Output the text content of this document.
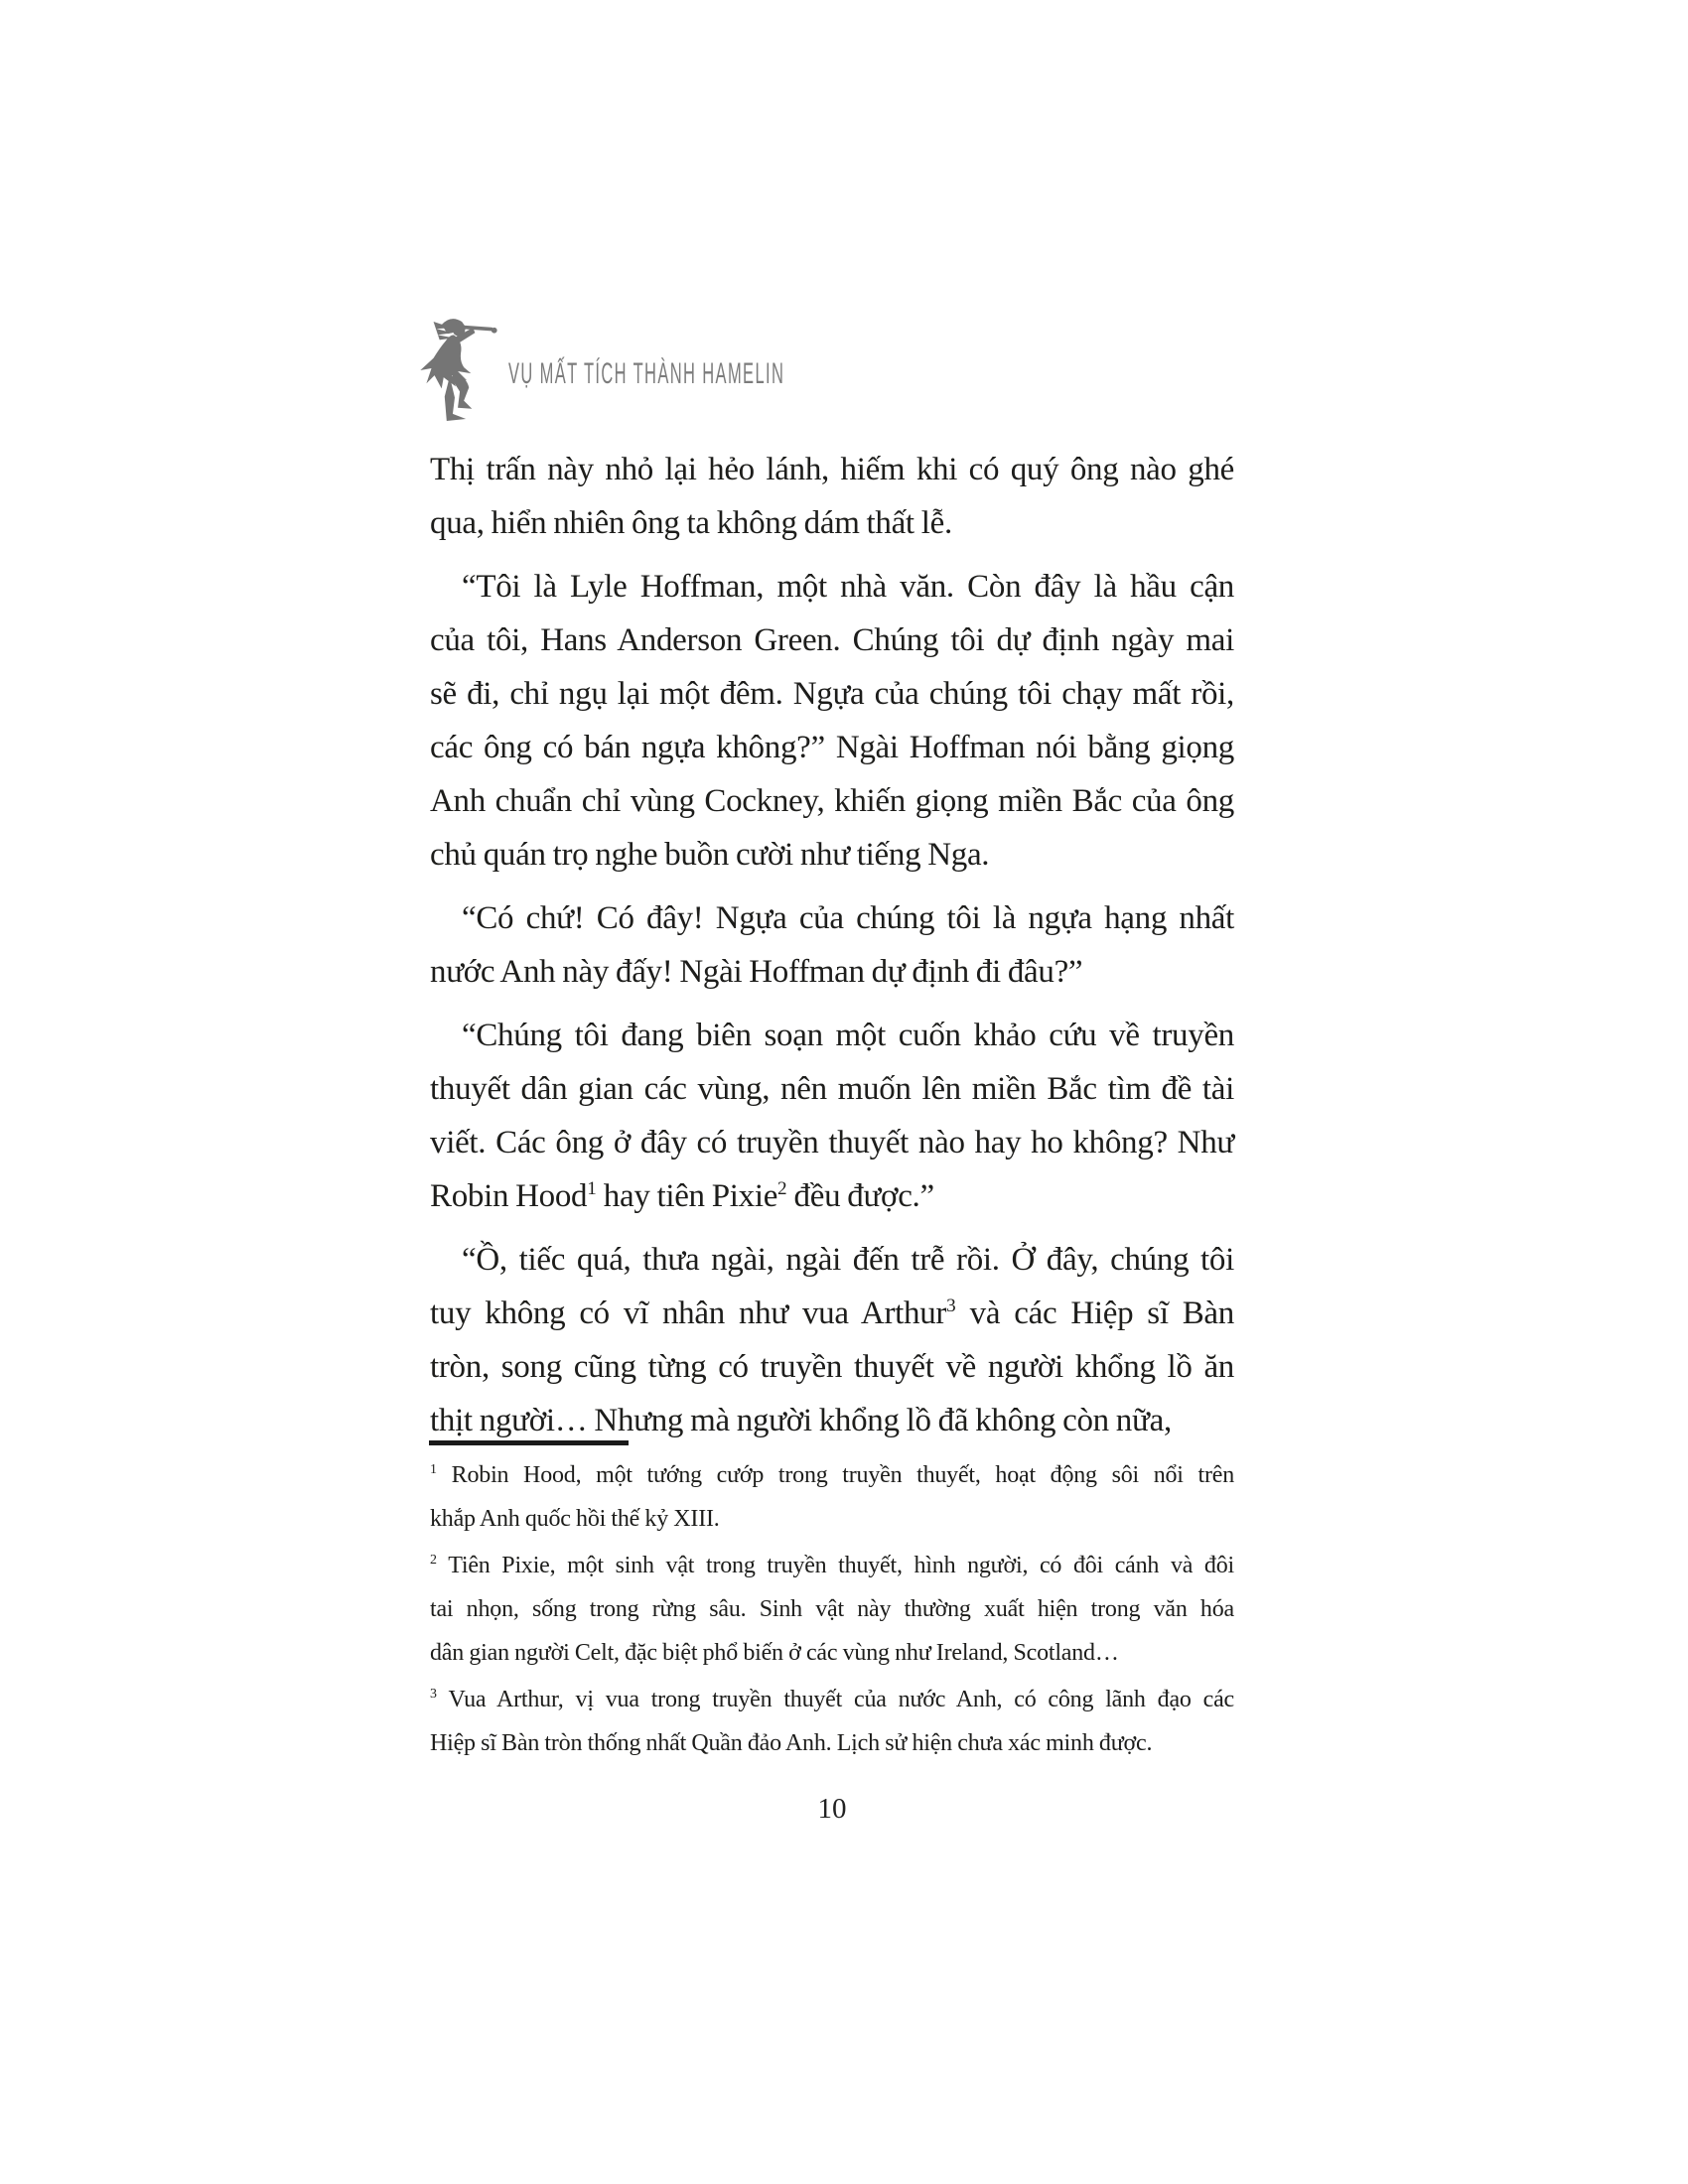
VỤ MẤT TÍCH THÀNH HAMELIN
Thị trấn này nhỏ lại hẻo lánh, hiếm khi có quý ông nào ghé
qua, hiển nhiên ông ta không dám thất lễ.
“Tôi là Lyle Hoffman, một nhà văn. Còn đây là hầu cận
của tôi, Hans Anderson Green. Chúng tôi dự định ngày mai
sẽ đi, chỉ ngụ lại một đêm. Ngựa của chúng tôi chạy mất rồi,
các ông có bán ngựa không?” Ngài Hoffman nói bằng giọng
Anh chuẩn chỉ vùng Cockney, khiến giọng miền Bắc của ông
chủ quán trọ nghe buồn cười như tiếng Nga.
“Có chứ! Có đây! Ngựa của chúng tôi là ngựa hạng nhất
nước Anh này đấy! Ngài Hoffman dự định đi đâu?”
“Chúng tôi đang biên soạn một cuốn khảo cứu về truyền
thuyết dân gian các vùng, nên muốn lên miền Bắc tìm đề tài
viết. Các ông ở đây có truyền thuyết nào hay ho không? Như
Robin Hood$^1$ hay tiên Pixie$^2$ đều được.”
“Ồ, tiếc quá, thưa ngài, ngài đến trễ rồi. Ở đây, chúng tôi
tuy không có vĩ nhân như vua Arthur$^3$ và các Hiệp sĩ Bàn
tròn, song cũng từng có truyền thuyết về người khổng lồ ăn
thịt người… Nhưng mà người khổng lồ đã không còn nữa,
$^1$ Robin Hood, một tướng cướp trong truyền thuyết, hoạt động sôi nổi trên
khắp Anh quốc hồi thế kỷ XIII.
$^2$ Tiên Pixie, một sinh vật trong truyền thuyết, hình người, có đôi cánh và đôi
tai nhọn, sống trong rừng sâu. Sinh vật này thường xuất hiện trong văn hóa
dân gian người Celt, đặc biệt phổ biến ở các vùng như Ireland, Scotland…
$^3$ Vua Arthur, vị vua trong truyền thuyết của nước Anh, có công lãnh đạo các
Hiệp sĩ Bàn tròn thống nhất Quần đảo Anh. Lịch sử hiện chưa xác minh được.
10
